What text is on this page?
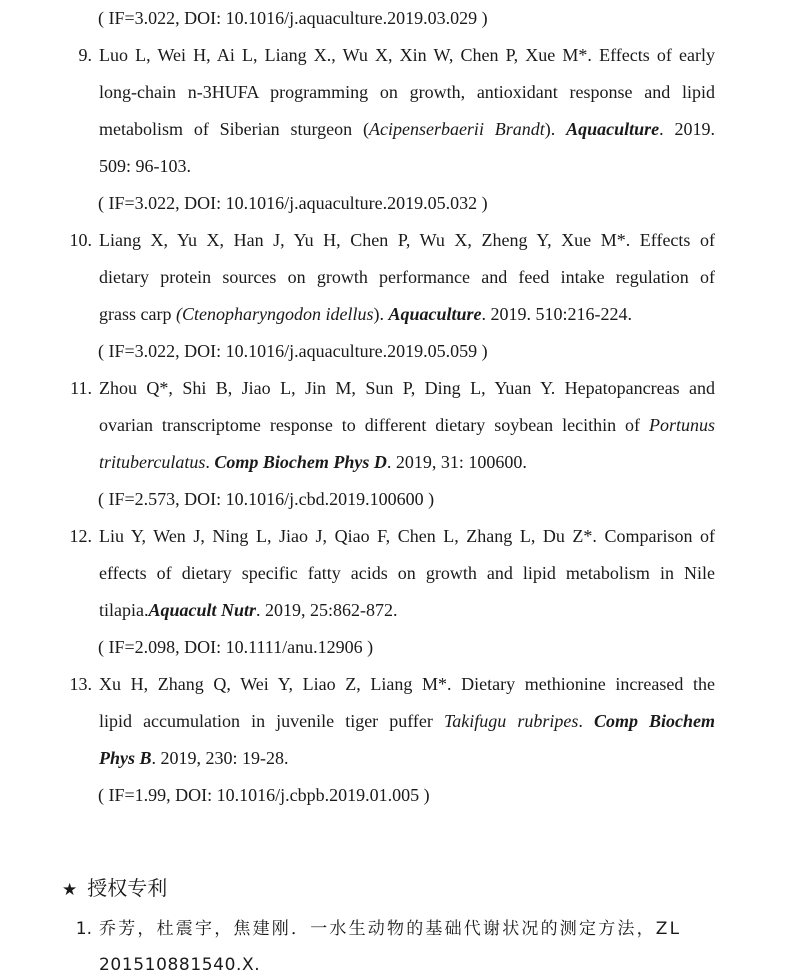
( IF=3.022, DOI: 10.1016/j.aquaculture.2019.03.029 )
9. Luo L, Wei H, Ai L, Liang X., Wu X, Xin W, Chen P, Xue M*. Effects of early
long-chain n-3HUFA programming on growth, antioxidant response and lipid
metabolism of Siberian sturgeon (Acipenserbaerii Brandt). Aquaculture. 2019.
509: 96-103.
( IF=3.022, DOI: 10.1016/j.aquaculture.2019.05.032 )
10. Liang X, Yu X, Han J, Yu H, Chen P, Wu X, Zheng Y, Xue M*. Effects of
dietary protein sources on growth performance and feed intake regulation of
grass carp (Ctenopharyngodon idellus). Aquaculture. 2019. 510:216-224.
( IF=3.022, DOI: 10.1016/j.aquaculture.2019.05.059 )
11. Zhou Q*, Shi B, Jiao L, Jin M, Sun P, Ding L, Yuan Y. Hepatopancreas and
ovarian transcriptome response to different dietary soybean lecithin of Portunus
trituberculatus. Comp Biochem Phys D. 2019, 31: 100600.
( IF=2.573, DOI: 10.1016/j.cbd.2019.100600 )
12. Liu Y, Wen J, Ning L, Jiao J, Qiao F, Chen L, Zhang L, Du Z*. Comparison of
effects of dietary specific fatty acids on growth and lipid metabolism in Nile
tilapia.Aquacult Nutr. 2019, 25:862-872.
( IF=2.098, DOI: 10.1111/anu.12906 )
13. Xu H, Zhang Q, Wei Y, Liao Z, Liang M*. Dietary methionine increased the
lipid accumulation in juvenile tiger puffer Takifugu rubripes. Comp Biochem
Phys B. 2019, 230: 19-28.
( IF=1.99, DOI: 10.1016/j.cbpb.2019.01.005 )
★ 授权专利
1. 乔芳，杜震宇，焦建刚．一水生动物的基础代谢状况的测定方法，ZL
201510881540.X.
